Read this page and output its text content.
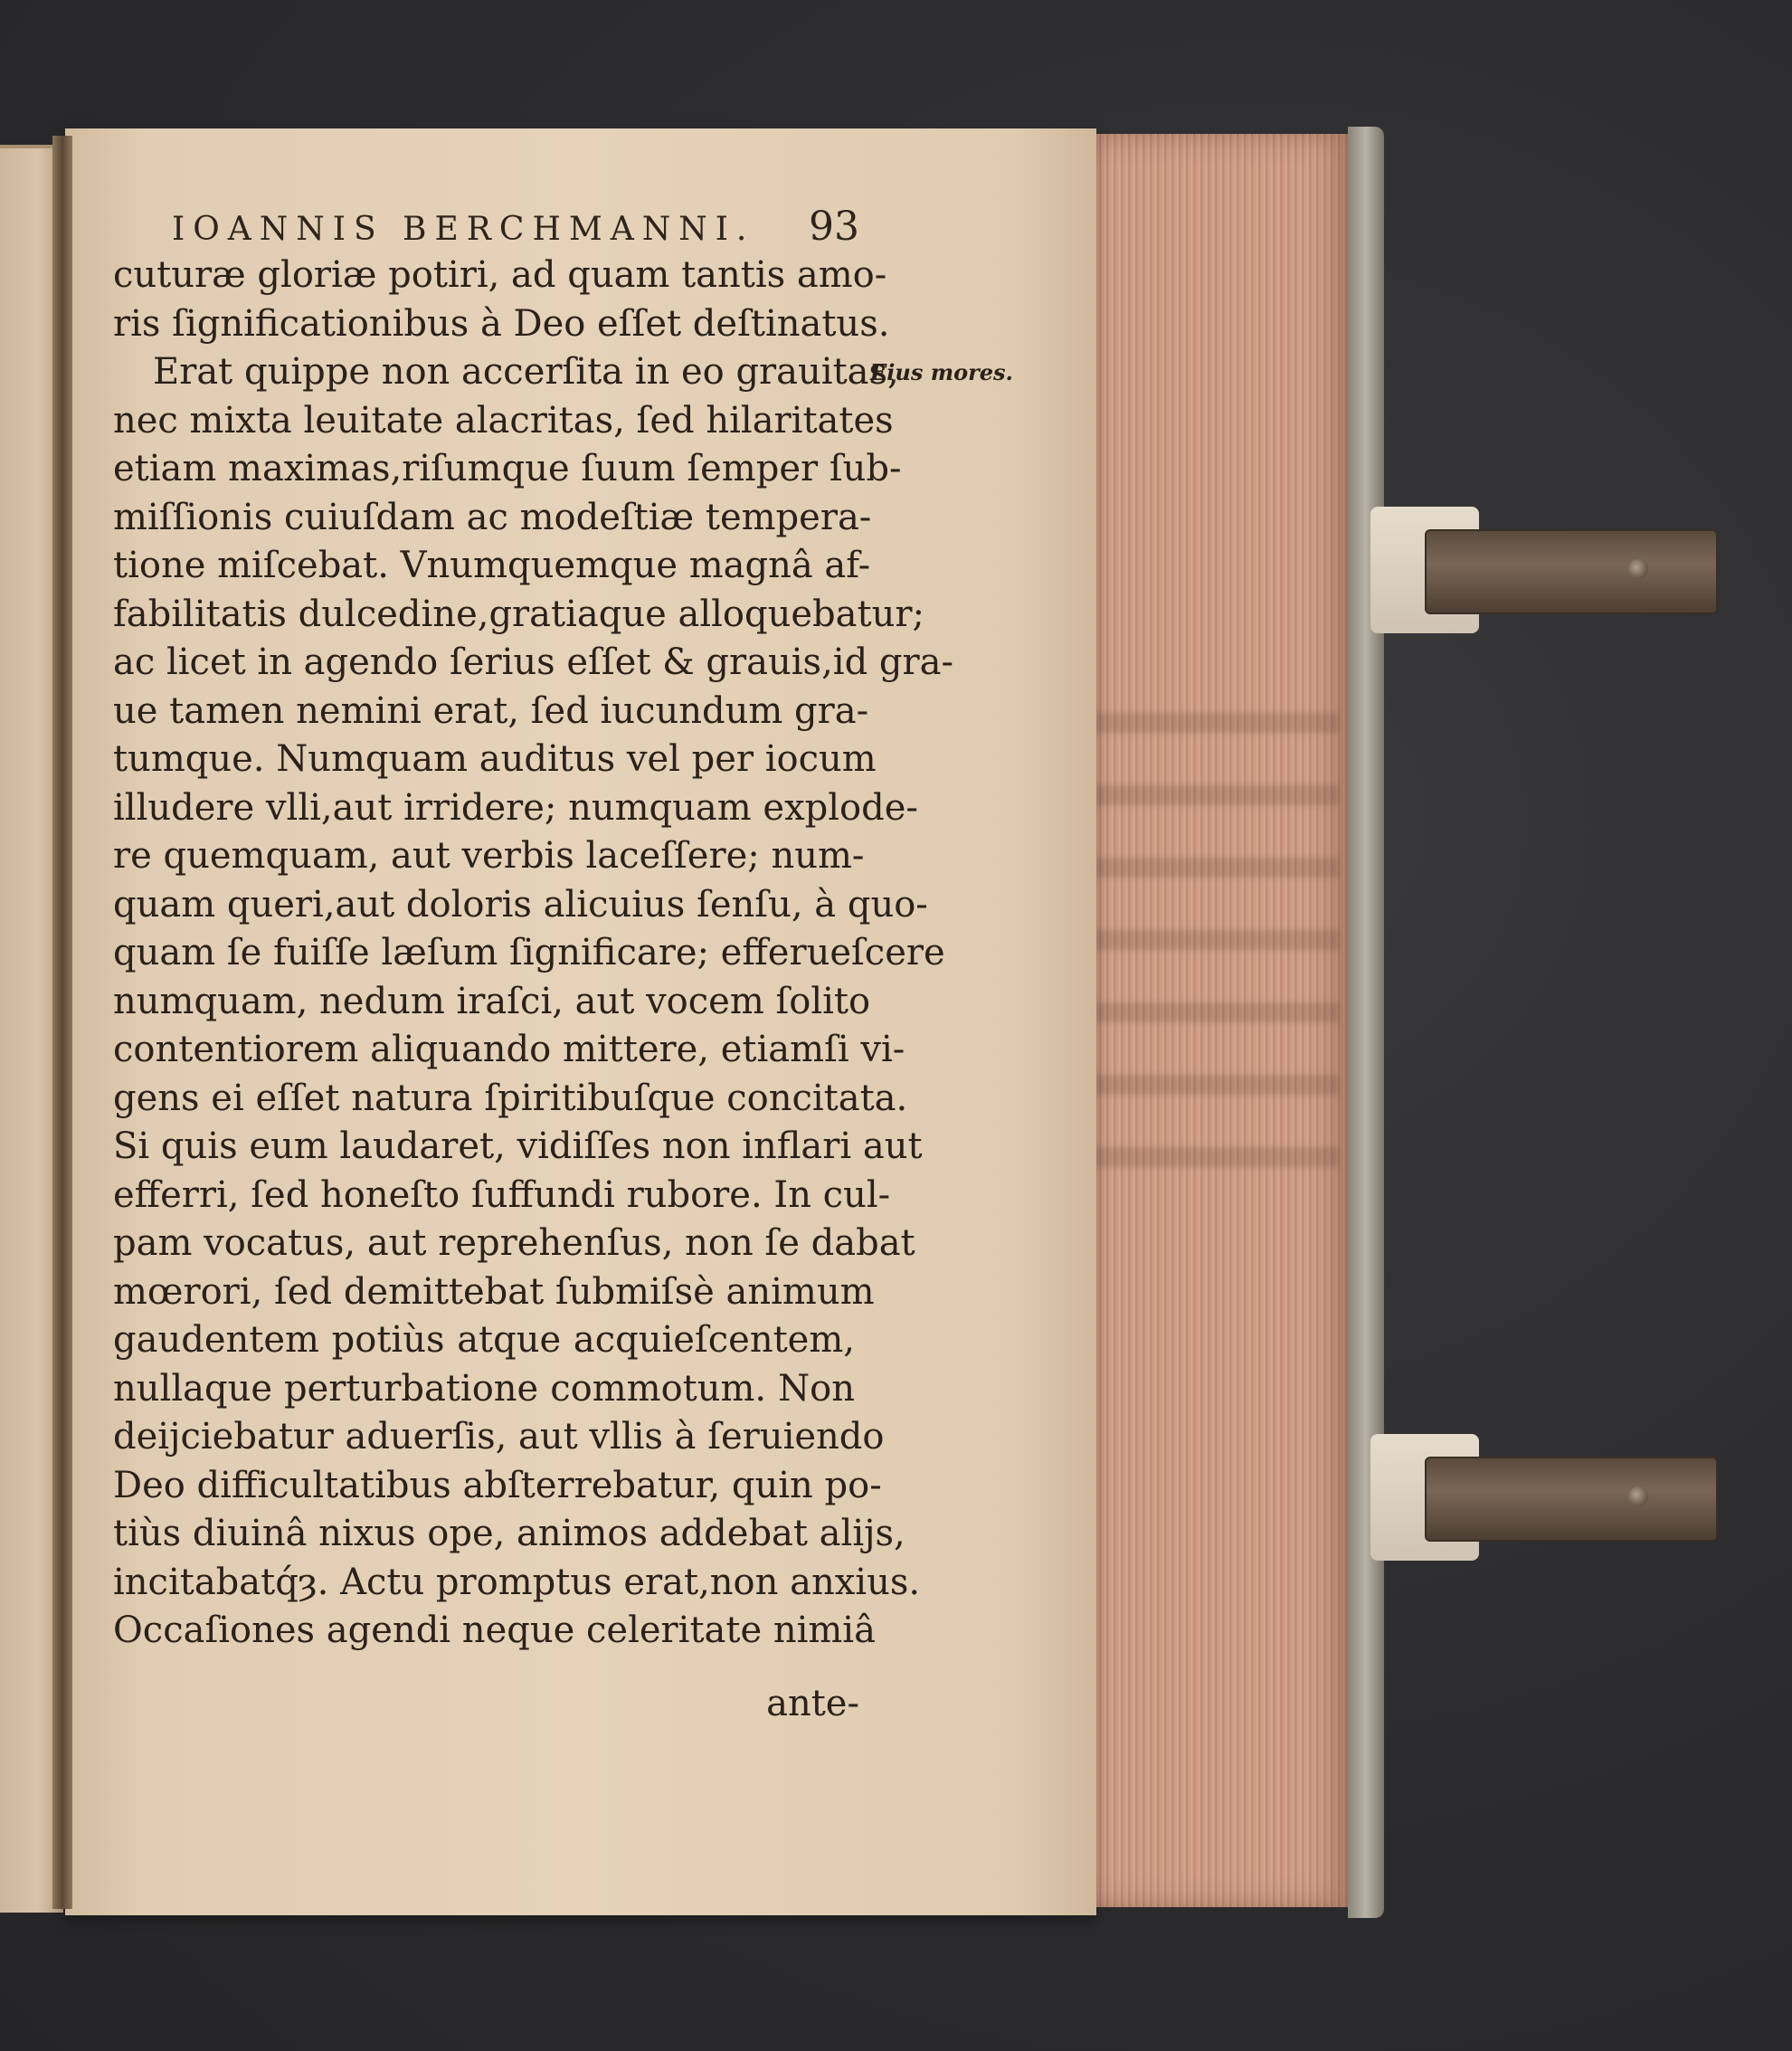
IOANNIS BERCHMANNI. 93
Eius mores.
cuturæ gloriæ potiri, ad quam tantis amo-
ris ſignificationibus à Deo eſſet deſtinatus.
Erat quippe non accerſita in eo grauitas,
nec mixta leuitate alacritas, ſed hilaritates
etiam maximas,riſumque ſuum ſemper ſub-
miſſionis cuiuſdam ac modeſtiæ tempera-
tione miſcebat. Vnumquemque magnâ af-
fabilitatis dulcedine,gratiaque alloquebatur;
ac licet in agendo ſerius eſſet & grauis,id gra-
ue tamen nemini erat, ſed iucundum gra-
tumque. Numquam auditus vel per iocum
illudere vlli,aut irridere; numquam explode-
re quemquam, aut verbis laceſſere; num-
quam queri,aut doloris alicuius ſenſu, à quo-
quam ſe fuiſſe læſum ſignificare; efferueſcere
numquam, nedum iraſci, aut vocem ſolito
contentiorem aliquando mittere, etiamſi vi-
gens ei eſſet natura ſpiritibuſque concitata.
Si quis eum laudaret, vidiſſes non inflari aut
efferri, ſed honeſto ſuffundi rubore. In cul-
pam vocatus, aut reprehenſus, non ſe dabat
mœrori, ſed demittebat ſubmiſsè animum
gaudentem potiùs atque acquieſcentem,
nullaque perturbatione commotum. Non
deijciebatur aduerſis, aut vllis à ſeruiendo
Deo difficultatibus abſterrebatur, quin po-
tiùs diuinâ nixus ope, animos addebat alijs,
incitabatq́ȝ. Actu promptus erat,non anxius.
Occaſiones agendi neque celeritate nimiâ
ante-
